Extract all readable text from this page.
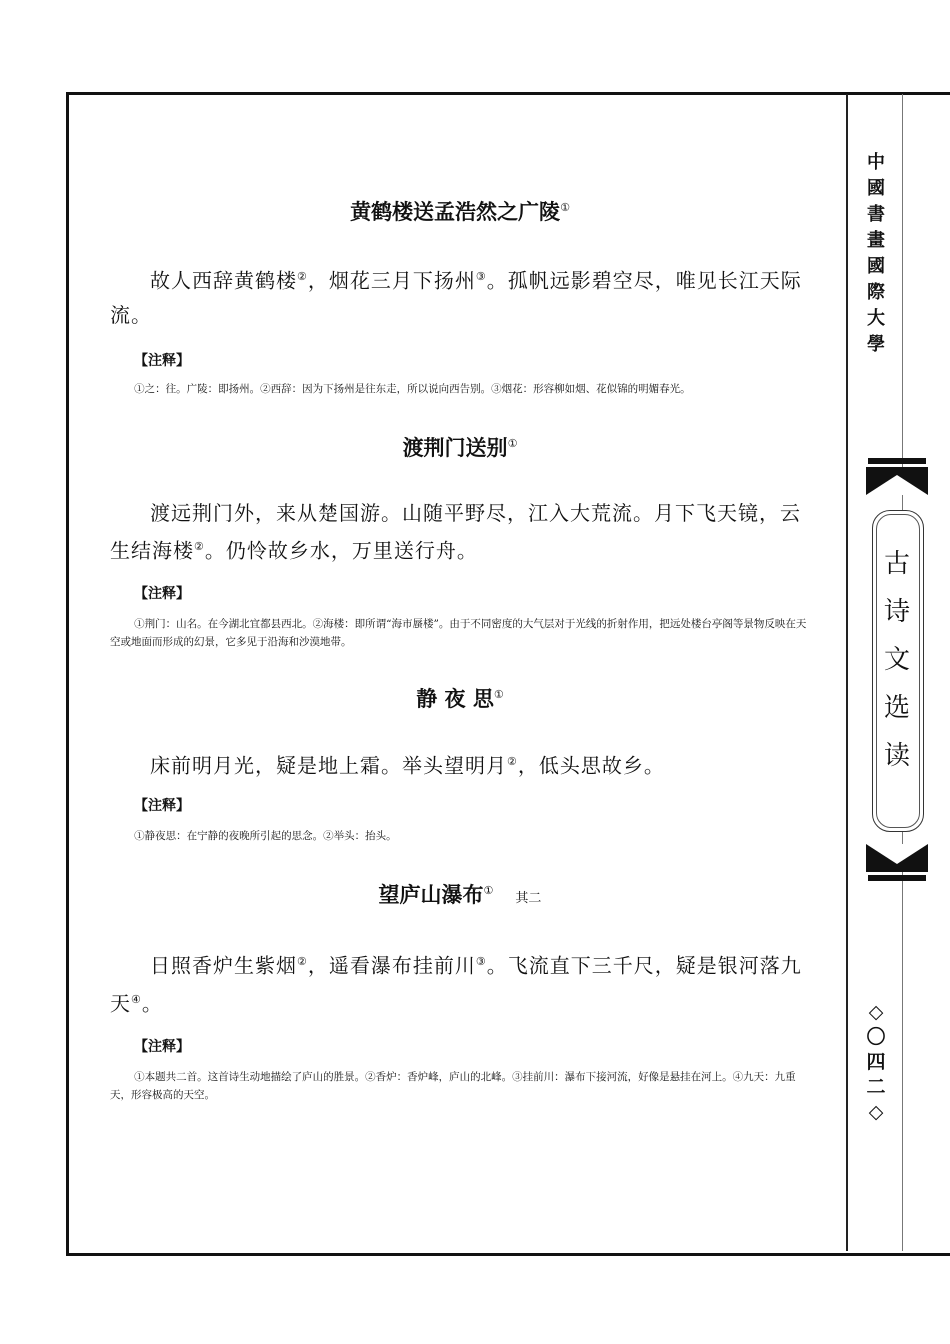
黄鹤楼送孟浩然之广陵①

故人西辞黄鹤楼②，烟花三月下扬州③。孤帆远影碧空尽，唯见长江天际流。

【注释】

①之：往。广陵：即扬州。②西辞：因为下扬州是往东走，所以说向西告别。③烟花：形容柳如烟、花似锦的明媚春光。

渡荆门送别①

渡远荆门外，来从楚国游。山随平野尽，江入大荒流。月下飞天镜，云生结海楼②。仍怜故乡水，万里送行舟。

【注释】

①荆门：山名。在今湖北宜都县西北。②海楼：即所谓“海市蜃楼”。由于不同密度的大气层对于光线的折射作用，把远处楼台亭阁等景物反映在天空或地面而形成的幻景，它多见于沿海和沙漠地带。

静 夜 思①

床前明月光，疑是地上霜。举头望明月②，低头思故乡。

【注释】

①静夜思：在宁静的夜晚所引起的思念。②举头：抬头。

望庐山瀑布①其二

日照香炉生紫烟②，遥看瀑布挂前川③。飞流直下三千尺，疑是银河落九天④。

【注释】

①本题共二首。这首诗生动地描绘了庐山的胜景。②香炉：香炉峰，庐山的北峰。③挂前川：瀑布下接河流，好像是悬挂在河上。④九天：九重天，形容极高的天空。

中
國
書
畫
國
際
大
學
古
诗
文
选
读
◇
〇
四
二
◇
